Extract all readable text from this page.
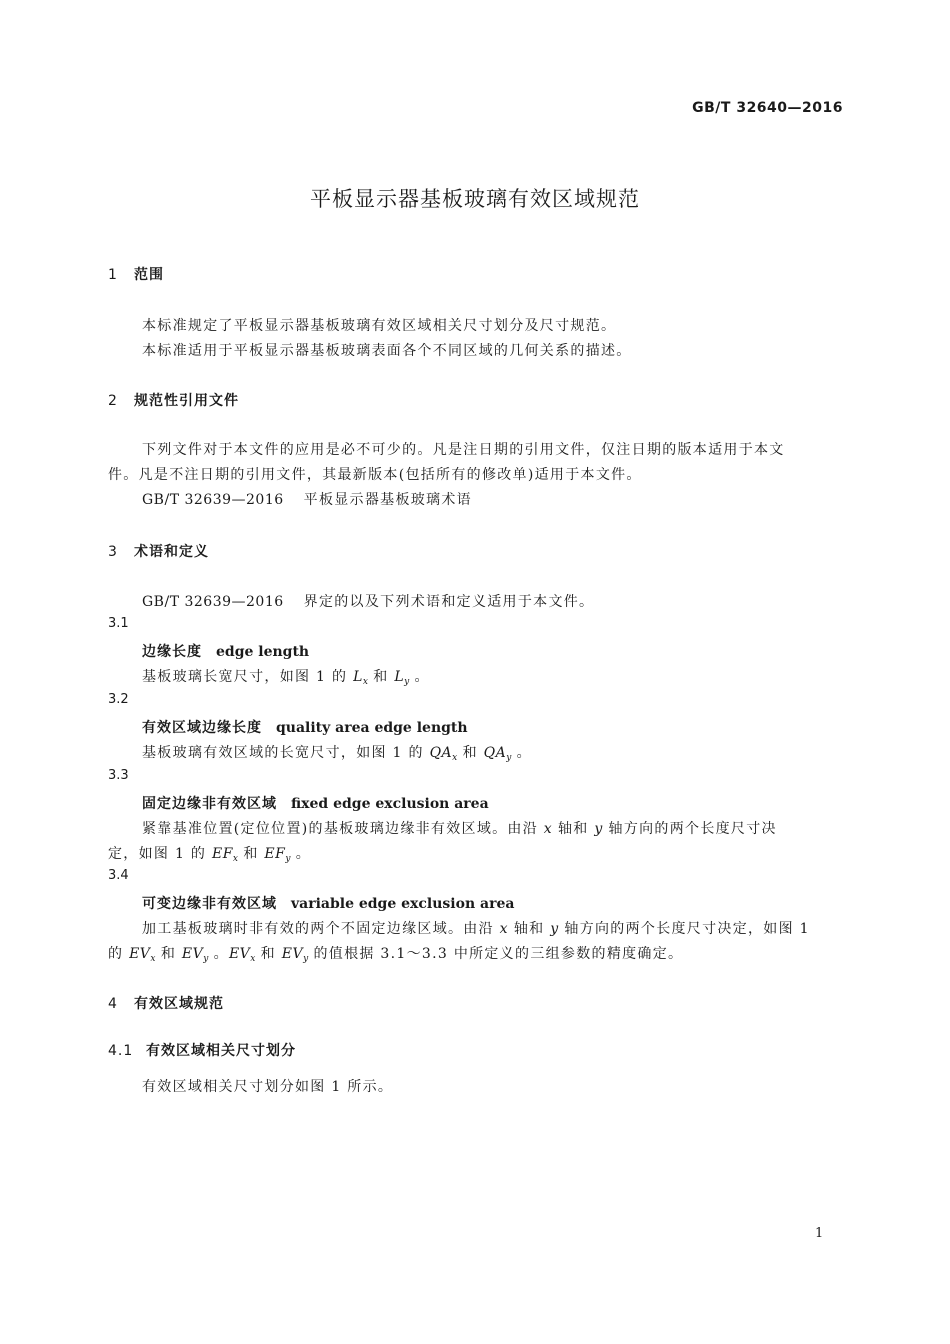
GB/T 32640—2016
平板显示器基板玻璃有效区域规范
1 范围
本标准规定了平板显示器基板玻璃有效区域相关尺寸划分及尺寸规范。
本标准适用于平板显示器基板玻璃表面各个不同区域的几何关系的描述。
2 规范性引用文件
下列文件对于本文件的应用是必不可少的。凡是注日期的引用文件，仅注日期的版本适用于本文
件。凡是不注日期的引用文件，其最新版本(包括所有的修改单)适用于本文件。
GB/T 32639—2016 平板显示器基板玻璃术语
3 术语和定义
GB/T 32639—2016 界定的以及下列术语和定义适用于本文件。
3.1
边缘长度 edge length
基板玻璃长宽尺寸，如图 1 的 $L_x$ 和 $L_y$ 。
3.2
有效区域边缘长度 quality area edge length
基板玻璃有效区域的长宽尺寸，如图 1 的 $QA_x$ 和 $QA_y$ 。
3.3
固定边缘非有效区域 fixed edge exclusion area
紧靠基准位置(定位位置)的基板玻璃边缘非有效区域。由沿 x 轴和 y 轴方向的两个长度尺寸决
定，如图 1 的 $EF_x$ 和 $EF_y$ 。
3.4
可变边缘非有效区域 variable edge exclusion area
加工基板玻璃时非有效的两个不固定边缘区域。由沿 x 轴和 y 轴方向的两个长度尺寸决定，如图 1
的 $EV_x$ 和 $EV_y$ 。$EV_x$ 和 $EV_y$ 的值根据 3.1～3.3 中所定义的三组参数的精度确定。
4 有效区域规范
4.1 有效区域相关尺寸划分
有效区域相关尺寸划分如图 1 所示。
1
